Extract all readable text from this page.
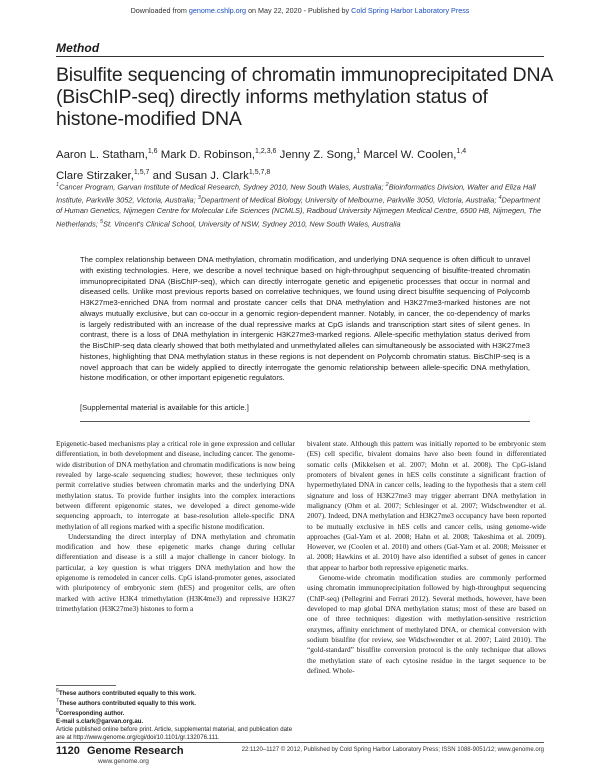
Downloaded from genome.cshlp.org on May 22, 2020 - Published by Cold Spring Harbor Laboratory Press
Method
Bisulfite sequencing of chromatin immunoprecipitated DNA (BisChIP-seq) directly informs methylation status of histone-modified DNA
Aaron L. Statham,$^{1,6}$ Mark D. Robinson,$^{1,2,3,6}$ Jenny Z. Song,$^1$ Marcel W. Coolen,$^{1,4}$
Clare Stirzaker,$^{1,5,7}$ and Susan J. Clark$^{1,5,7,8}$
$^1$Cancer Program, Garvan Institute of Medical Research, Sydney 2010, New South Wales, Australia; $^2$Bioinformatics Division, Walter and Eliza Hall Institute, Parkville 3052, Victoria, Australia; $^3$Department of Medical Biology, University of Melbourne, Parkville 3050, Victoria, Australia; $^4$Department of Human Genetics, Nijmegen Centre for Molecular Life Sciences (NCMLS), Radboud University Nijmegen Medical Centre, 6500 HB, Nijmegen, The Netherlands; $^5$St. Vincent's Clinical School, University of NSW, Sydney 2010, New South Wales, Australia
The complex relationship between DNA methylation, chromatin modification, and underlying DNA sequence is often difficult to unravel with existing technologies. Here, we describe a novel technique based on high-throughput sequencing of bisulfite-treated chromatin immunoprecipitated DNA (BisChIP-seq), which can directly interrogate genetic and epigenetic processes that occur in normal and diseased cells. Unlike most previous reports based on correlative techniques, we found using direct bisulfite sequencing of Polycomb H3K27me3-enriched DNA from normal and prostate cancer cells that DNA methylation and H3K27me3-marked histones are not always mutually exclusive, but can co-occur in a genomic region-dependent manner. Notably, in cancer, the co-dependency of marks is largely redistributed with an increase of the dual repressive marks at CpG islands and transcription start sites of silent genes. In contrast, there is a loss of DNA methylation in intergenic H3K27me3-marked regions. Allele-specific methylation status derived from the BisChIP-seq data clearly showed that both methylated and unmethylated alleles can simultaneously be associated with H3K27me3 histones, highlighting that DNA methylation status in these regions is not dependent on Polycomb chromatin status. BisChIP-seq is a novel approach that can be widely applied to directly interrogate the genomic relationship between allele-specific DNA methylation, histone modification, or other important epigenetic regulators.
[Supplemental material is available for this article.]

Epigenetic-based mechanisms play a critical role in gene expression and cellular differentiation, in both development and disease, including cancer. The genome-wide distribution of DNA methylation and chromatin modifications is now being revealed by large-scale sequencing studies; however, these techniques only permit correlative studies between chromatin marks and the underlying DNA methylation status. To provide further insights into the complex interactions between different epigenomic states, we developed a direct genome-wide sequencing approach, to interrogate at base-resolution allele-specific DNA methylation of all regions marked with a specific histone modification.

Understanding the direct interplay of DNA methylation and chromatin modification and how these epigenetic marks change during cellular differentiation and disease is a still a major challenge in cancer biology. In particular, a key question is what triggers DNA methylation and how the epigenome is remodeled in cancer cells. CpG island-promoter genes, associated with pluripotency of embryonic stem (hES) and progenitor cells, are often marked with active H3K4 trimethylation (H3K4me3) and repressive H3K27 trimethylation (H3K27me3) histones to form a

bivalent state. Although this pattern was initially reported to be embryonic stem (ES) cell specific, bivalent domains have also been found in differentiated somatic cells (Mikkelsen et al. 2007; Mohn et al. 2008). The CpG-island promoters of bivalent genes in hES cells constitute a significant fraction of hypermethylated DNA in cancer cells, leading to the hypothesis that a stem cell signature and loss of H3K27me3 may trigger aberrant DNA methylation in malignancy (Ohm et al. 2007; Schlesinger et al. 2007; Widschwendter et al. 2007). Indeed, DNA methylation and H3K27me3 occupancy have been reported to be mutually exclusive in hES cells and cancer cells, using genome-wide approaches (Gal-Yam et al. 2008; Hahn et al. 2008; Takeshima et al. 2009). However, we (Coolen et al. 2010) and others (Gal-Yam et al. 2008; Meissner et al. 2008; Hawkins et al. 2010) have also identified a subset of genes in cancer that appear to harbor both repressive epigenetic marks.

Genome-wide chromatin modification studies are commonly performed using chromatin immunoprecipitation followed by high-throughput sequencing (ChIP-seq) (Pellegrini and Ferrari 2012). Several methods, however, have been developed to map global DNA methylation status; most of these are based on one of three techniques: digestion with methylation-sensitive restriction enzymes, affinity enrichment of methylated DNA, or chemical conversion with sodium bisulfite (for review, see Widschwendter et al. 2007; Laird 2010). The “gold-standard” bisulfite conversion protocol is the only technique that allows the methylation state of each cytosine residue in the target sequence to be defined. Whole-

$^6$These authors contributed equally to this work.
$^7$These authors contributed equally to this work.
$^8$Corresponding author.
E-mail s.clark@garvan.org.au.
Article published online before print. Article, supplemental material, and publication date are at http://www.genome.org/cgi/doi/10.1101/gr.132076.111.
1120 Genome Research
www.genome.org
22:1120–1127 © 2012, Published by Cold Spring Harbor Laboratory Press; ISSN 1088-9051/12; www.genome.org
